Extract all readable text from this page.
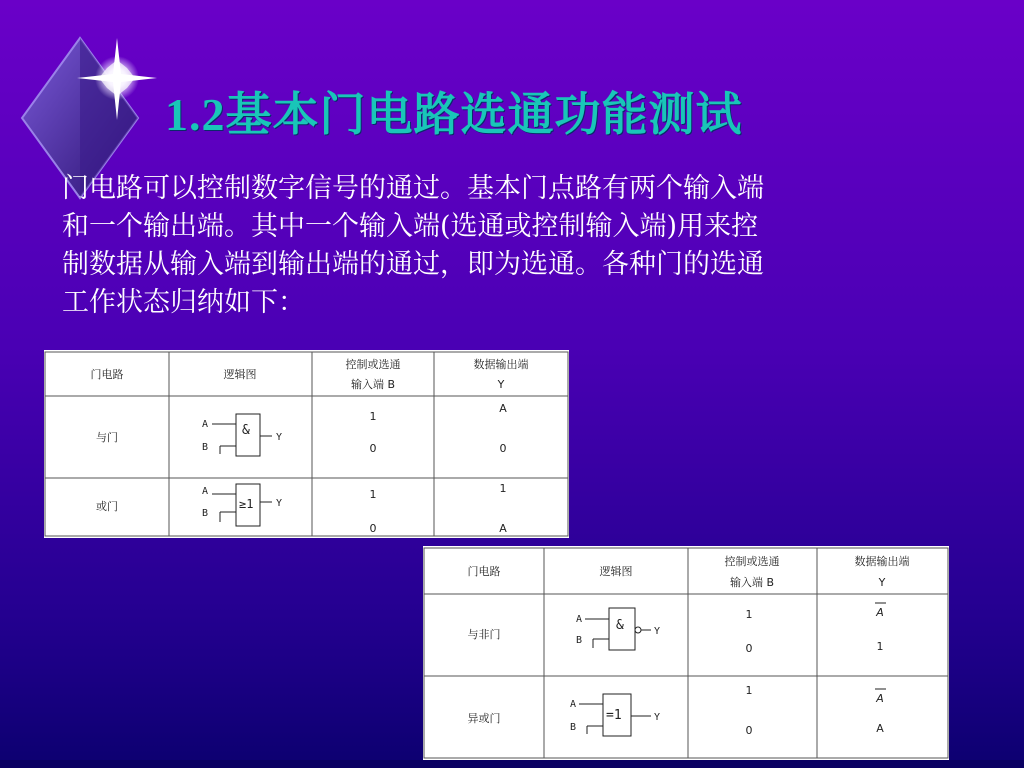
1.2基本门电路选通功能测试
门电路可以控制数字信号的通过。基本门点路有两个输入端
和一个输出端。其中一个输入端(选通或控制输入端)用来控
制数据从输入端到输出端的通过，即为选通。各种门的选通
工作状态归纳如下：
门电路	逻辑图
控制或选通
输入端 B
数据输出端
Y
与门
1
0
A
0
或门
1
0
1
A
A
B
Y
&
A
B
Y
≥1
门电路	逻辑图
控制或选通
输入端 B
数据输出端
Y
与非门
1
0
A
1
异或门
1
0
A
A
A
B
Y
&
A
B
Y
=1
